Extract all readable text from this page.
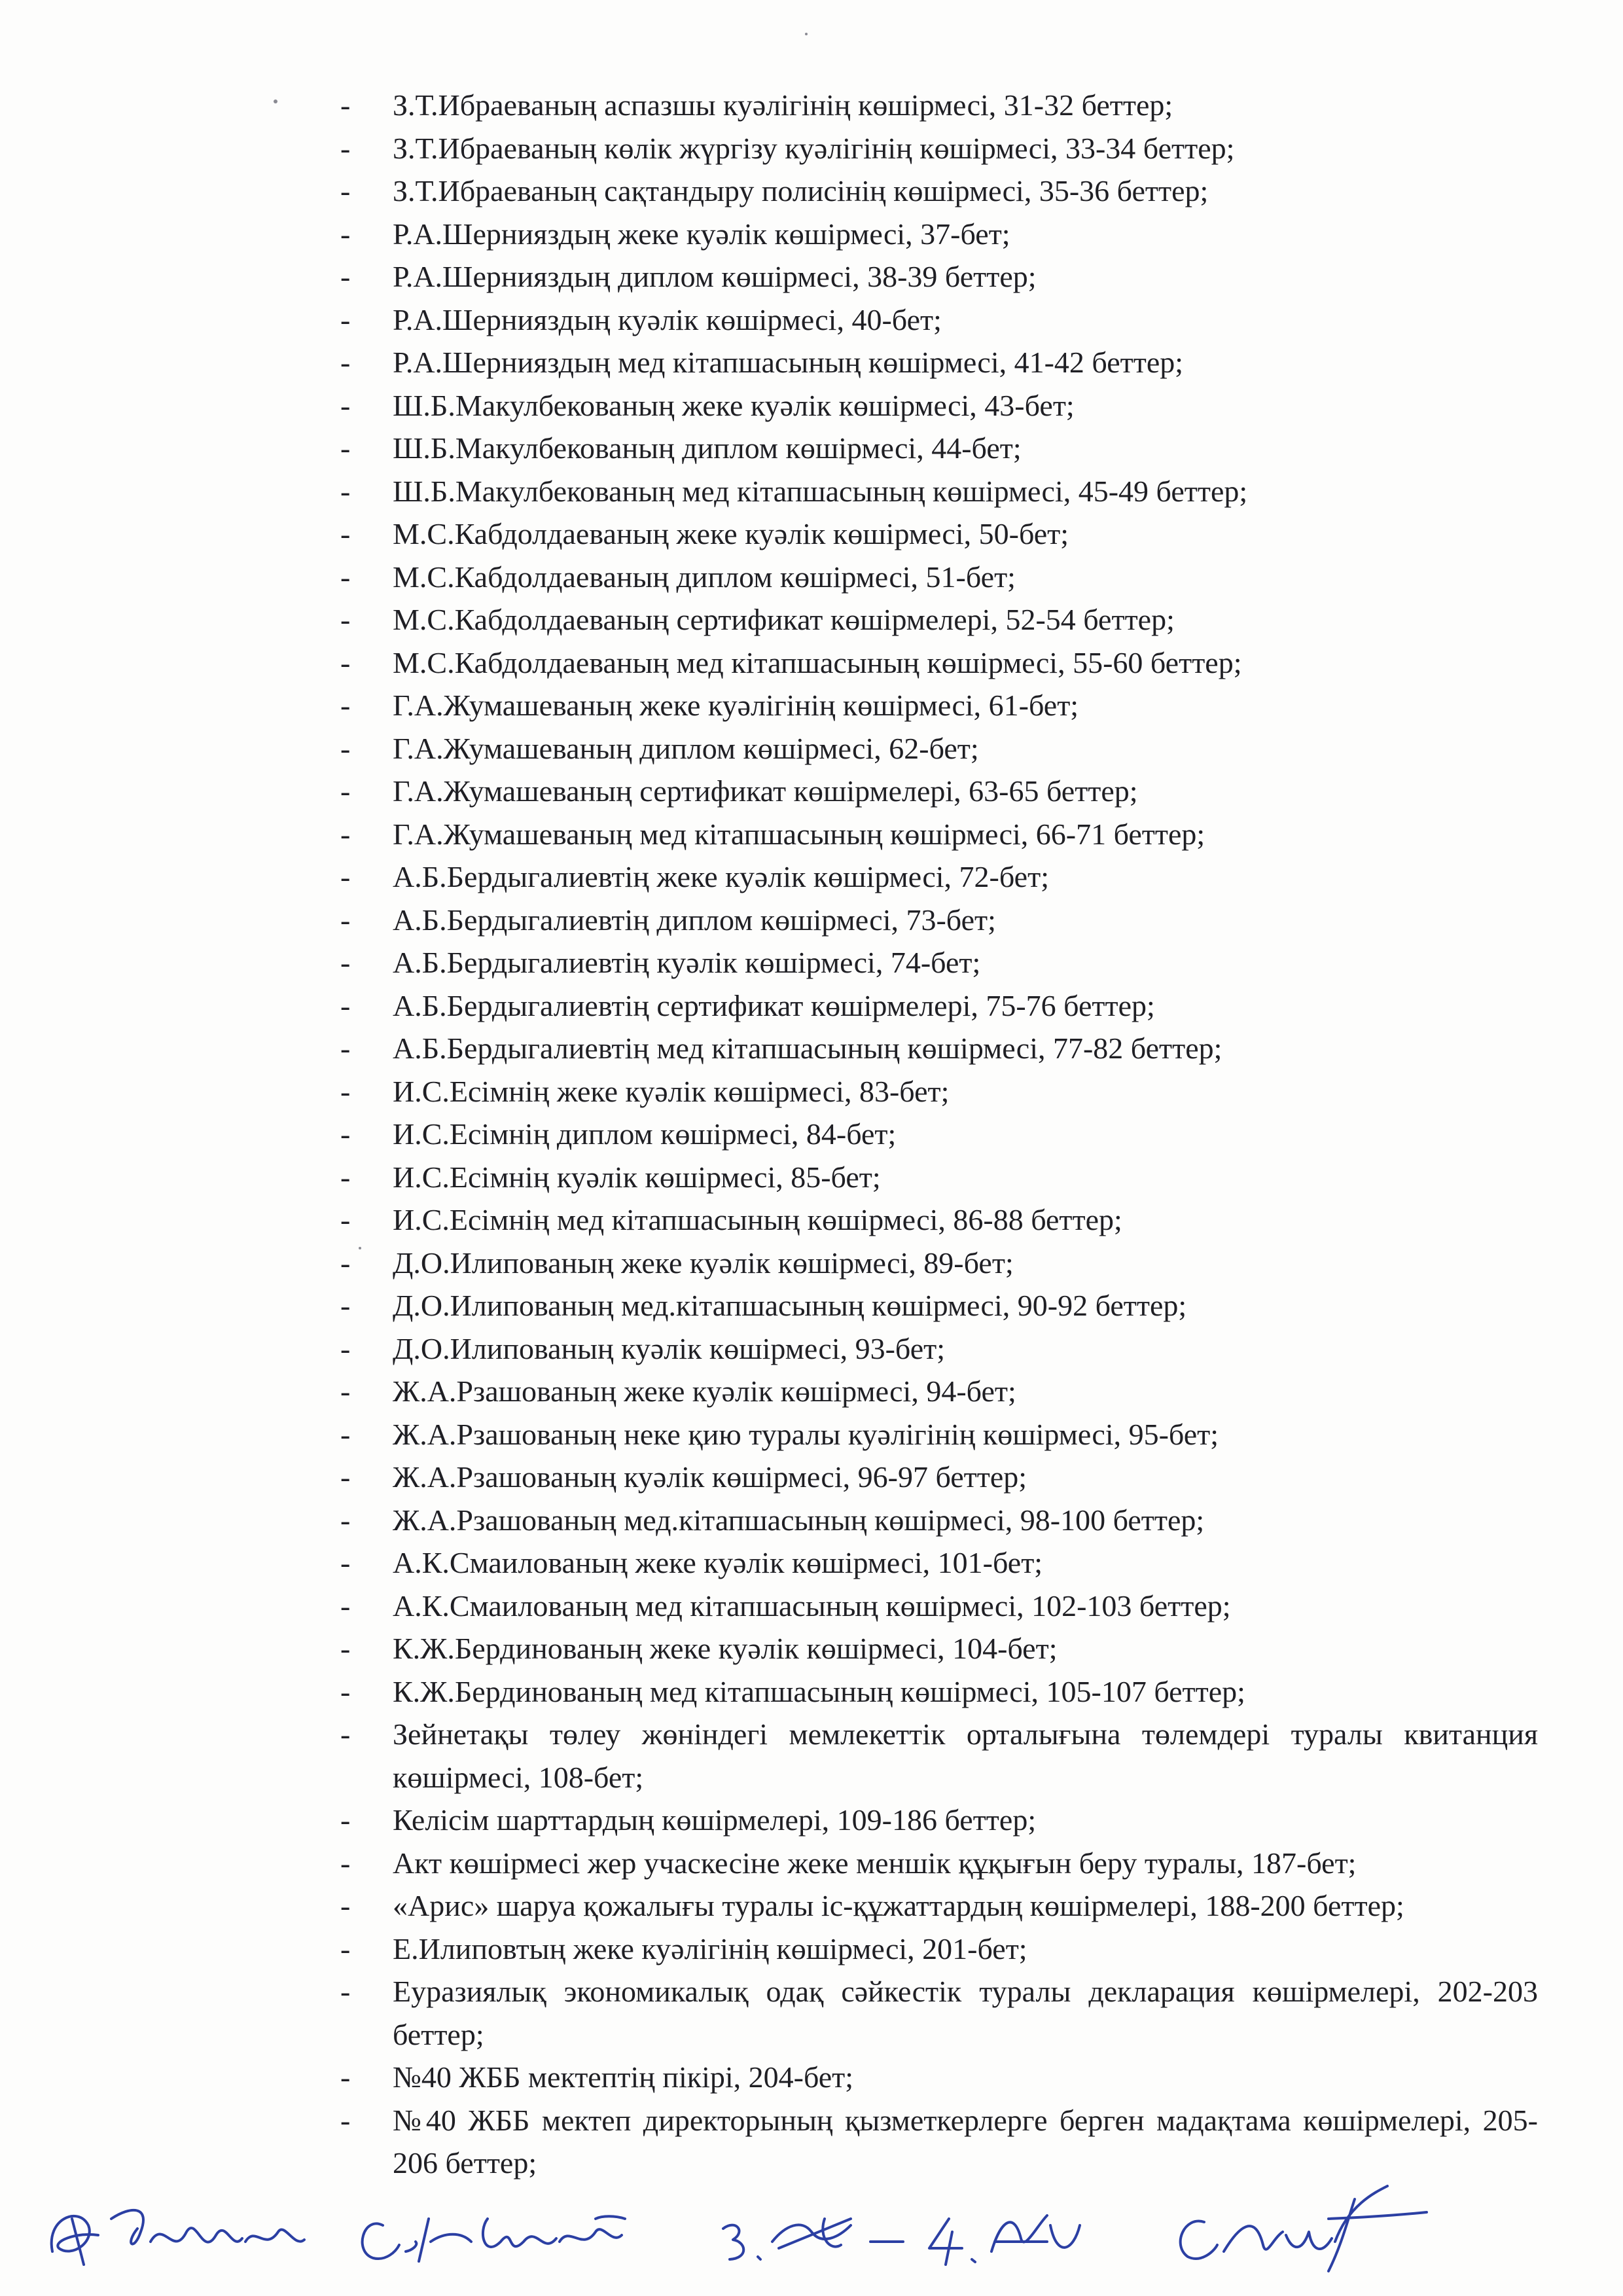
-	З.Т.Ибраеваның аспазшы куәлігінің көшірмесі, 31-32 беттер;
-	З.Т.Ибраеваның көлік жүргізу куәлігінің көшірмесі, 33-34 беттер;
-	З.Т.Ибраеваның сақтандыру полисінің көшірмесі, 35-36 беттер;
-	Р.А.Шернияздың жеке куәлік көшірмесі, 37-бет;
-	Р.А.Шернияздың диплом көшірмесі, 38-39 беттер;
-	Р.А.Шернияздың куәлік көшірмесі, 40-бет;
-	Р.А.Шернияздың мед кітапшасының көшірмесі, 41-42 беттер;
-	Ш.Б.Макулбекованың жеке куәлік көшірмесі, 43-бет;
-	Ш.Б.Макулбекованың диплом көшірмесі, 44-бет;
-	Ш.Б.Макулбекованың мед кітапшасының көшірмесі, 45-49 беттер;
-	М.С.Кабдолдаеваның жеке куәлік көшірмесі, 50-бет;
-	М.С.Кабдолдаеваның диплом көшірмесі, 51-бет;
-	М.С.Кабдолдаеваның сертификат көшірмелері, 52-54 беттер;
-	М.С.Кабдолдаеваның мед кітапшасының көшірмесі, 55-60 беттер;
-	Г.А.Жумашеваның жеке куәлігінің көшірмесі, 61-бет;
-	Г.А.Жумашеваның диплом көшірмесі, 62-бет;
-	Г.А.Жумашеваның сертификат көшірмелері, 63-65 беттер;
-	Г.А.Жумашеваның мед кітапшасының көшірмесі, 66-71 беттер;
-	А.Б.Бердыгалиевтің жеке куәлік көшірмесі, 72-бет;
-	А.Б.Бердыгалиевтің диплом көшірмесі, 73-бет;
-	А.Б.Бердыгалиевтің куәлік көшірмесі, 74-бет;
-	А.Б.Бердыгалиевтің сертификат көшірмелері, 75-76 беттер;
-	А.Б.Бердыгалиевтің мед кітапшасының көшірмесі, 77-82 беттер;
-	И.С.Есімнің жеке куәлік көшірмесі, 83-бет;
-	И.С.Есімнің диплом көшірмесі, 84-бет;
-	И.С.Есімнің куәлік көшірмесі, 85-бет;
-	И.С.Есімнің мед кітапшасының көшірмесі, 86-88 беттер;
-	Д.О.Илипованың жеке куәлік көшірмесі, 89-бет;
-	Д.О.Илипованың мед.кітапшасының көшірмесі, 90-92 беттер;
-	Д.О.Илипованың куәлік көшірмесі, 93-бет;
-	Ж.А.Рзашованың жеке куәлік көшірмесі, 94-бет;
-	Ж.А.Рзашованың неке қию туралы куәлігінің көшірмесі, 95-бет;
-	Ж.А.Рзашованың куәлік көшірмесі, 96-97 беттер;
-	Ж.А.Рзашованың мед.кітапшасының көшірмесі, 98-100 беттер;
-	А.К.Смаилованың жеке куәлік көшірмесі, 101-бет;
-	А.К.Смаилованың мед кітапшасының көшірмесі, 102-103 беттер;
-	К.Ж.Бердинованың жеке куәлік көшірмесі, 104-бет;
-	К.Ж.Бердинованың мед кітапшасының көшірмесі, 105-107 беттер;
-	Зейнетақы төлеу жөніндегі мемлекеттік орталығына төлемдері туралы квитанция көшірмесі, 108-бет;
-	Келісім шарттардың көшірмелері, 109-186 беттер;
-	Акт көшірмесі жер учаскесіне жеке меншік құқығын беру туралы, 187-бет;
-	«Арис» шаруа қожалығы туралы іс-құжаттардың көшірмелері, 188-200 беттер;
-	Е.Илиповтың жеке куәлігінің көшірмесі, 201-бет;
-	Еуразиялық экономикалық одақ сәйкестік туралы декларация көшірмелері, 202-203 беттер;
-	№40 ЖББ мектептің пікірі, 204-бет;
-	№40 ЖББ мектеп директорының қызметкерлерге берген мадақтама көшірмелері, 205-206 беттер;
